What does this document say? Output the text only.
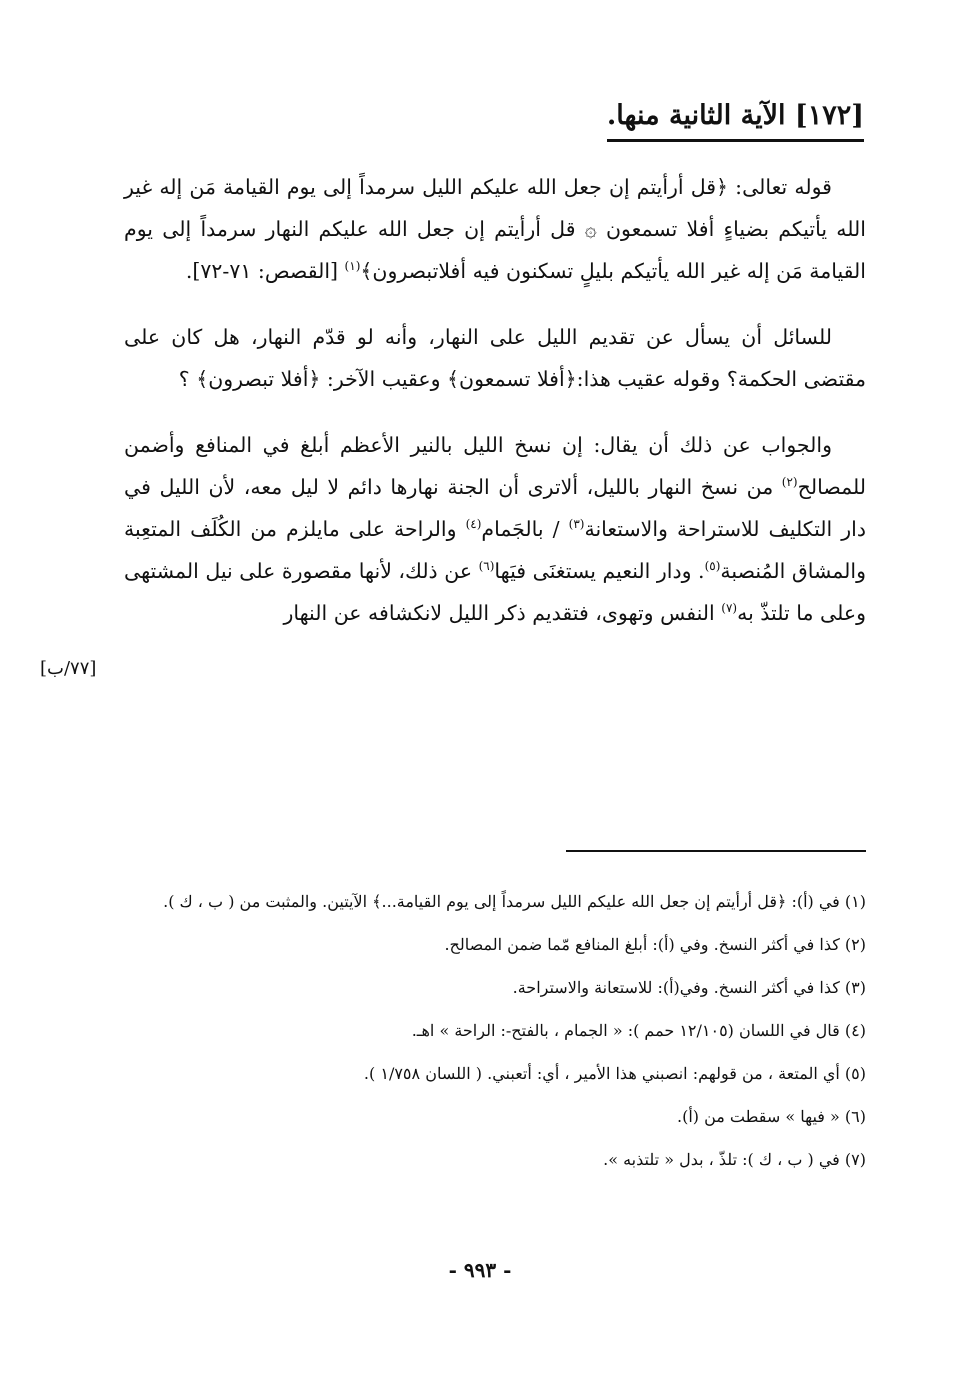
[١٧٢] الآية الثانية منها.

قوله تعالى: ﴿قل أرأيتم إن جعل الله عليكم الليل سرمداً إلى يوم القيامة مَن إله غير الله يأتيكم بضياءٍ أفلا تسمعون ۞ قل أرأيتم إن جعل الله عليكم النهار سرمداً إلى يوم القيامة مَن إله غير الله يأتيكم بليلٍ تسكنون فيه أفلاتبصرون﴾$^{(١)}$ [القصص: ٧١-٧٢].

للسائل أن يسأل عن تقديم الليل على النهار، وأنه لو قدّم النهار، هل كان على مقتضى الحكمة؟ وقوله عقيب هذا:﴿أفلا تسمعون﴾ وعقيب الآخر: ﴿أفلا تبصرون﴾ ؟

والجواب عن ذلك أن يقال: إن نسخ الليل بالنير الأعظم أبلغ في المنافع وأضمن للمصالح$^{(٢)}$ من نسخ النهار بالليل، ألاترى أن الجنة نهارها دائم لا ليل معه، لأن الليل في دار التكليف للاستراحة والاستعانة$^{(٣)}$ / بالجَمام$^{(٤)}$ والراحة على مايلزم من الكُلَف المتعِبة والمشاق المُنصبة$^{(٥)}$. ودار النعيم يستغنَى فيَها$^{(٦)}$ عن ذلك، لأنها مقصورة على نيل المشتهى وعلى ما تلتذّ به$^{(٧)}$ النفس وتهوى، فتقديم ذكر الليل لانكشافه عن النهار

[٧٧/ب]
(١) في (أ): ﴿قل أرأيتم إن جعل الله عليكم الليل سرمداً إلى يوم القيامة...﴾ الآيتين. والمثبت من ( ب ، ك ).
(٢) كذا في أكثر النسخ. وفي (أ): أبلغ المنافع مّما ضمن المصالح.
(٣) كذا في أكثر النسخ. وفي(أ): للاستعانة والاستراحة.
(٤) قال في اللسان (١٢/١٠٥ حمم ): « الجمام ، بالفتح-: الراحة » اهـ.
(٥) أي المتعة ، من قولهم: انصبني هذا الأمير ، أي: أتعبني. ( اللسان ١/٧٥٨ ).
(٦) « فيها » سقطت من (أ).
(٧) في ( ب ، ك ): تلذّ ، بدل « تلتذبه ».
- ٩٩٣ -
